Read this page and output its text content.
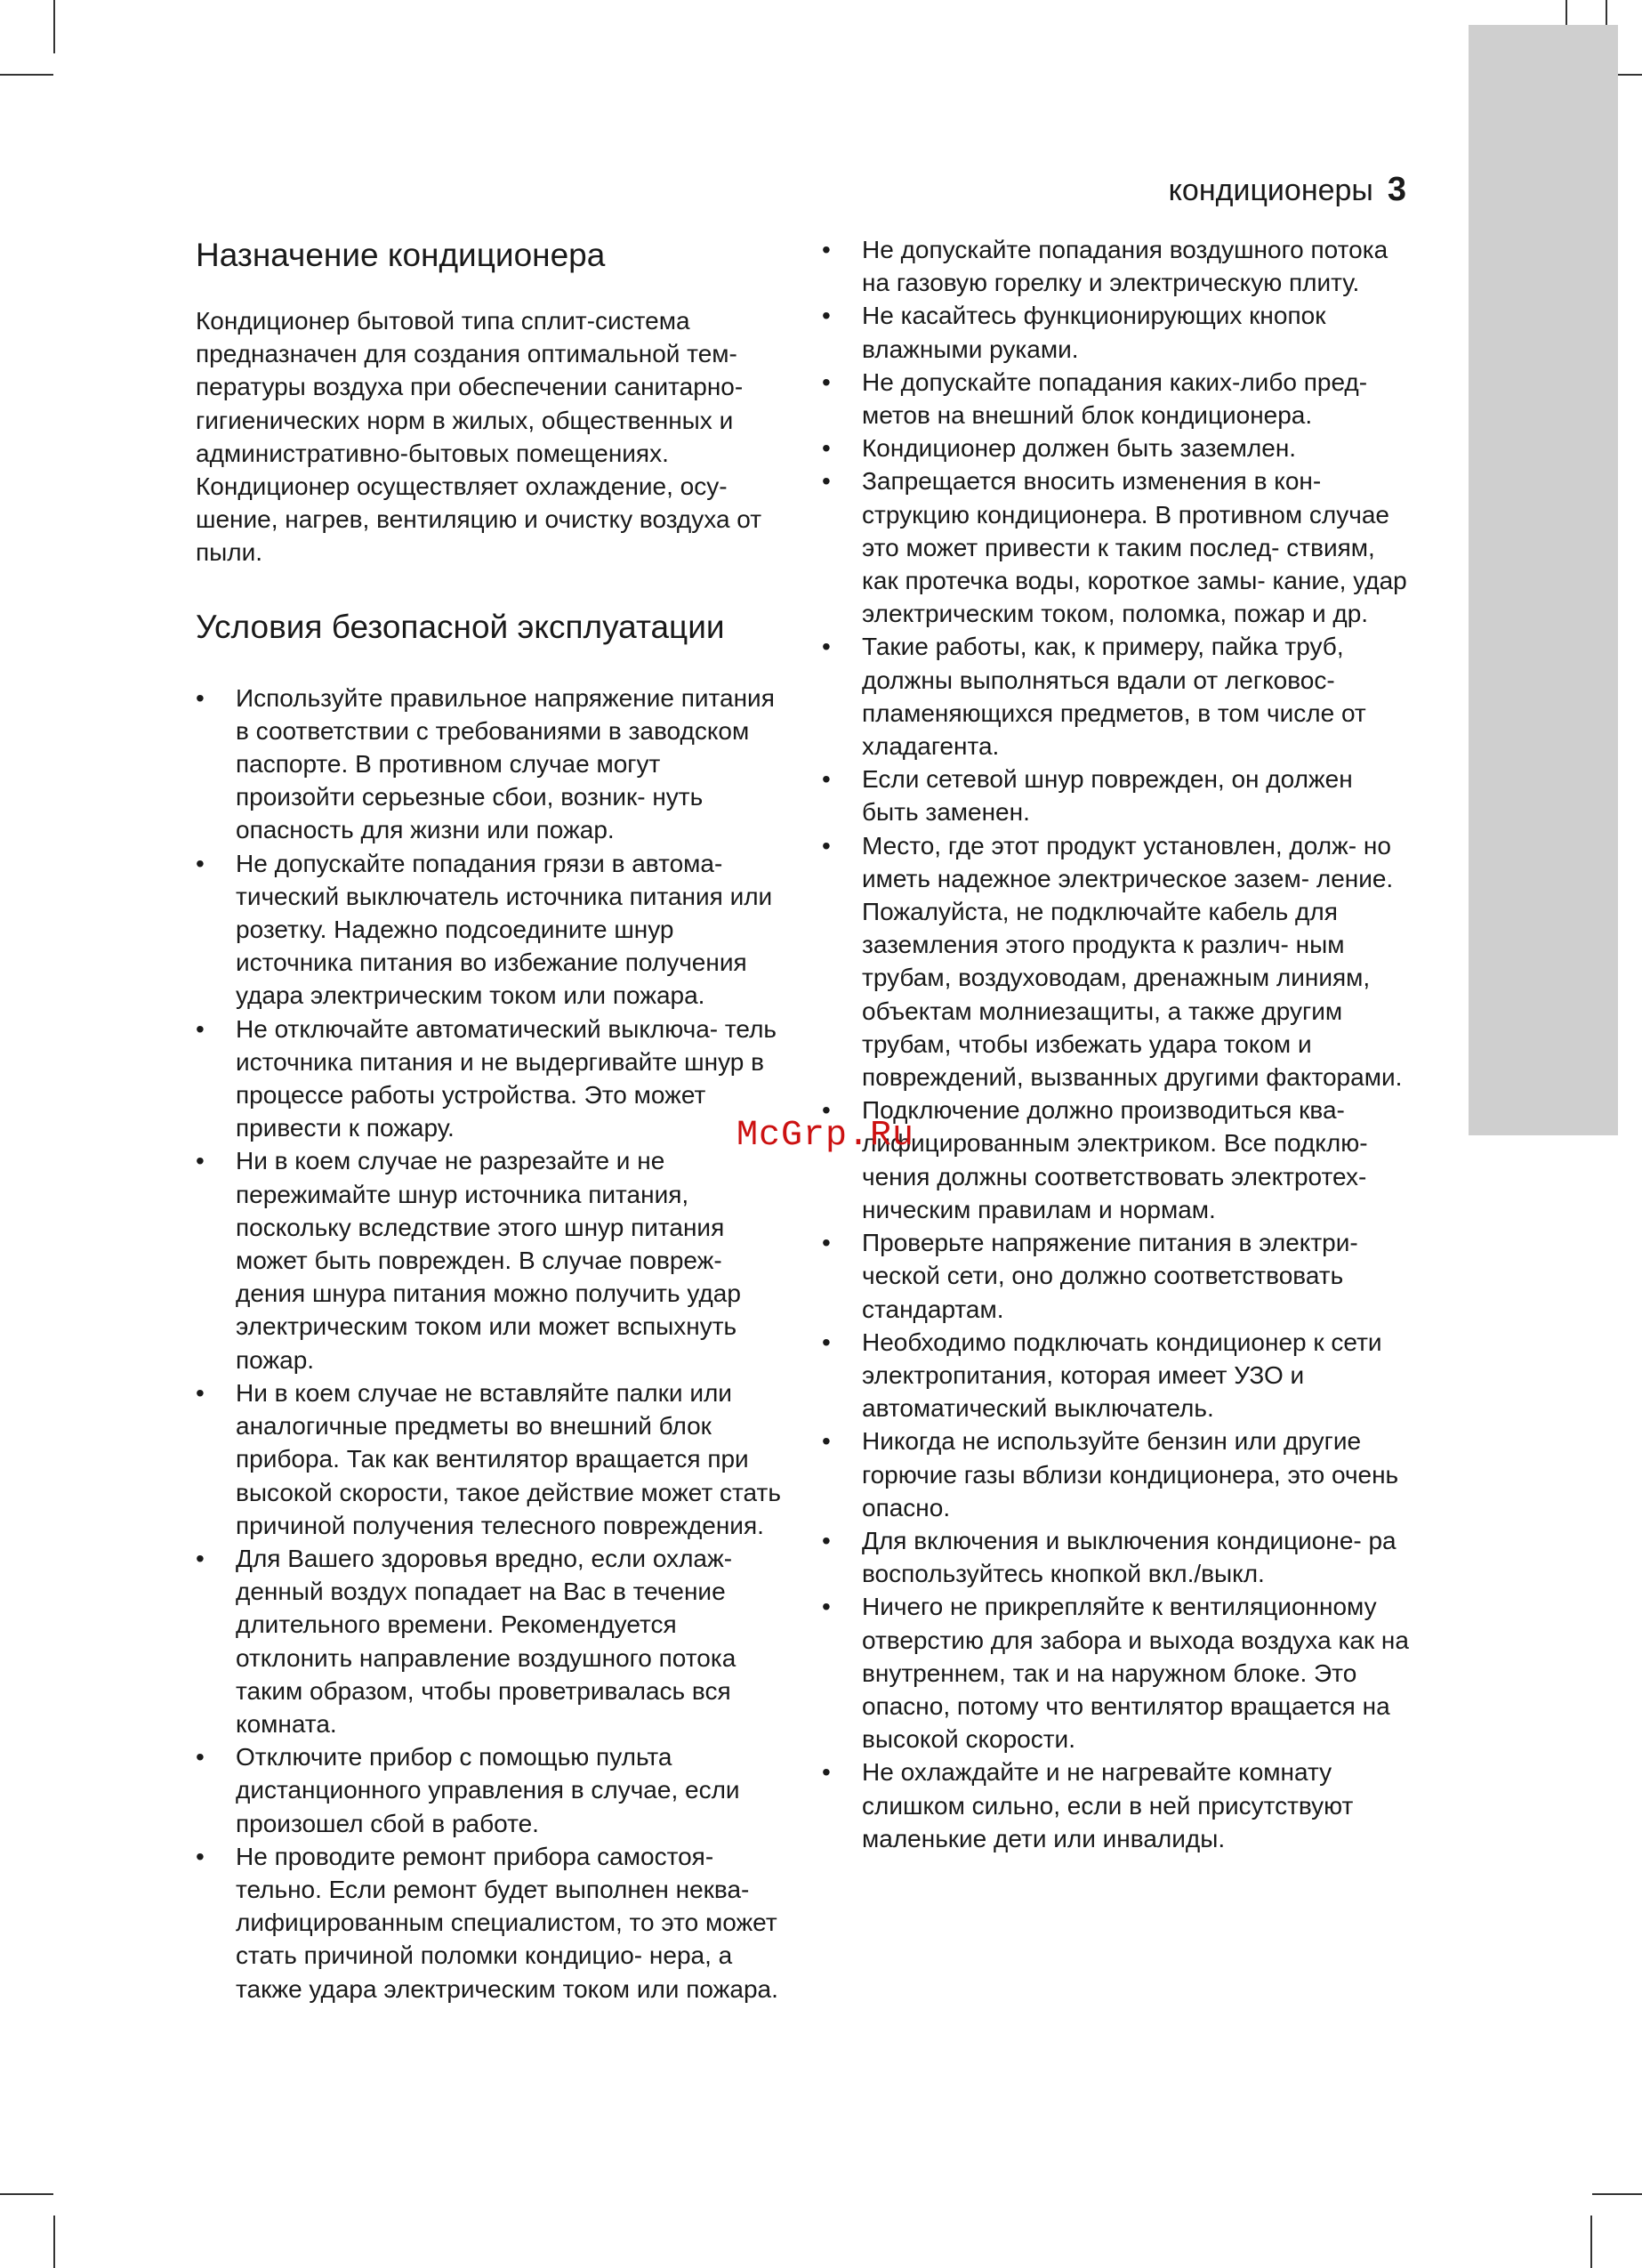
кондиционеры 3
Назначение кондиционера

Кондиционер бытовой типа сплит-система предназначен для создания оптимальной тем- пературы воздуха при обеспечении санитарно- гигиенических норм в жилых, общественных и административно-бытовых помещениях. Кондиционер осуществляет охлаждение, осу- шение, нагрев, вентиляцию и очистку воздуха от пыли.

Условия безопасной эксплуатации
• Используйте правильное напряжение питания в соответствии с требованиями в заводском паспорте. В противном случае могут произойти серьезные сбои, возник- нуть опасность для жизни или пожар.
• Не допускайте попадания грязи в автома- тический выключатель источника питания или розетку. Надежно подсоедините шнур источника питания во избежание получения удара электрическим током или пожара.
• Не отключайте автоматический выключа- тель источника питания и не выдергивайте шнур в процессе работы устройства. Это может привести к пожару.
• Ни в коем случае не разрезайте и не пережимайте шнур источника питания, поскольку вследствие этого шнур питания может быть поврежден. В случае повреж- дения шнура питания можно получить удар электрическим током или может вспыхнуть пожар.
• Ни в коем случае не вставляйте палки или аналогичные предметы во внешний блок прибора. Так как вентилятор вращается при высокой скорости, такое действие может стать причиной получения телесного повреждения.
• Для Вашего здоровья вредно, если охлаж- денный воздух попадает на Вас в течение длительного времени. Рекомендуется отклонить направление воздушного потока таким образом, чтобы проветривалась вся комната.
• Отключите прибор с помощью пульта дистанционного управления в случае, если произошел сбой в работе.
• Не проводите ремонт прибора самостоя- тельно. Если ремонт будет выполнен неква- лифицированным специалистом, то это может стать причиной поломки кондицио- нера, а также удара электрическим током или пожара.
• Не допускайте попадания воздушного потока на газовую горелку и электрическую плиту.
• Не касайтесь функционирующих кнопок влажными руками.
• Не допускайте попадания каких-либо пред- метов на внешний блок кондиционера.
• Кондиционер должен быть заземлен.
• Запрещается вносить изменения в кон- струкцию кондиционера. В противном случае это может привести к таким послед- ствиям, как протечка воды, короткое замы- кание, удар электрическим током, поломка, пожар и др.
• Такие работы, как, к примеру, пайка труб, должны выполняться вдали от легковос- пламеняющихся предметов, в том числе от хладагента.
• Если сетевой шнур поврежден, он должен быть заменен.
• Место, где этот продукт установлен, долж- но иметь надежное электрическое зазем- ление. Пожалуйста, не подключайте кабель для заземления этого продукта к различ- ным трубам, воздуховодам, дренажным линиям, объектам молниезащиты, а также другим трубам, чтобы избежать удара током и повреждений, вызванных другими факторами.
• Подключение должно производиться ква- лифицированным электриком. Все подклю- чения должны соответствовать электротех- ническим правилам и нормам.
• Проверьте напряжение питания в электри- ческой сети, оно должно соответствовать стандартам.
• Необходимо подключать кондиционер к сети электропитания, которая имеет УЗО и автоматический выключатель.
• Никогда не используйте бензин или другие горючие газы вблизи кондиционера, это очень опасно.
• Для включения и выключения кондиционе- ра воспользуйтесь кнопкой вкл./выкл.
• Ничего не прикрепляйте к вентиляционному отверстию для забора и выхода воздуха как на внутреннем, так и на наружном блоке. Это опасно, потому что вентилятор вращается на высокой скорости.
• Не охлаждайте и не нагревайте комнату слишком сильно, если в ней присутствуют маленькие дети или инвалиды.
McGrp.Ru
